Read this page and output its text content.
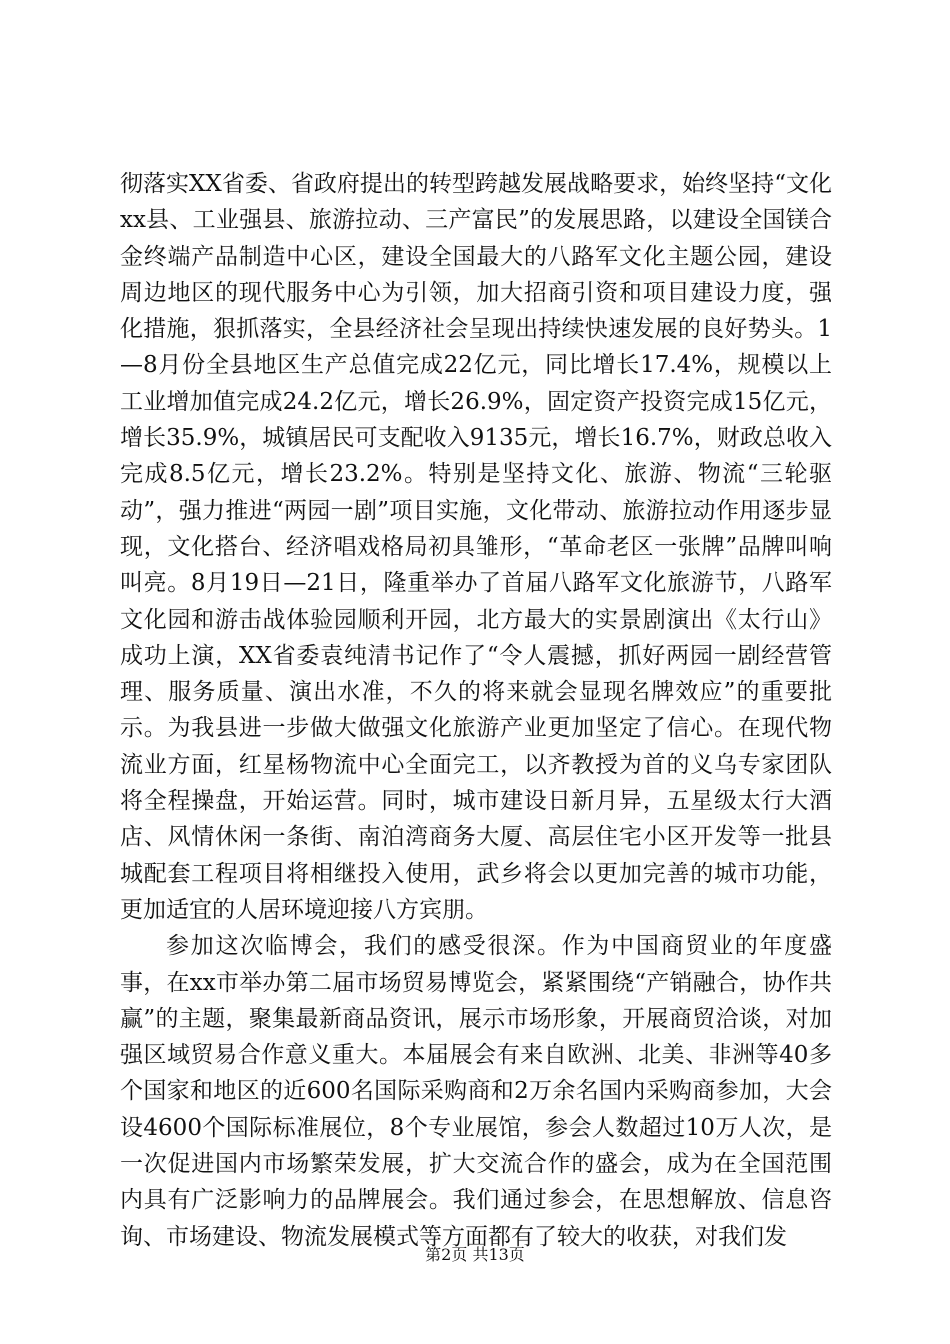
彻落实XX省委、省政府提出的转型跨越发展战略要求，始终坚持“文化xx县、工业强县、旅游拉动、三产富民”的发展思路，以建设全国镁合金终端产品制造中心区，建设全国最大的八路军文化主题公园，建设周边地区的现代服务中心为引领，加大招商引资和项目建设力度，强化措施，狠抓落实，全县经济社会呈现出持续快速发展的良好势头。1—8月份全县地区生产总值完成22亿元，同比增长17.4%，规模以上工业增加值完成24.2亿元，增长26.9%，固定资产投资完成15亿元，增长35.9%，城镇居民可支配收入9135元，增长16.7%，财政总收入完成8.5亿元，增长23.2%。特别是坚持文化、旅游、物流“三轮驱动”，强力推进“两园一剧”项目实施，文化带动、旅游拉动作用逐步显现，文化搭台、经济唱戏格局初具雏形，“革命老区一张牌”品牌叫响叫亮。8月19日—21日，隆重举办了首届八路军文化旅游节，八路军文化园和游击战体验园顺利开园，北方最大的实景剧演出《太行山》成功上演，XX省委袁纯清书记作了“令人震撼，抓好两园一剧经营管理、服务质量、演出水准，不久的将来就会显现名牌效应”的重要批示。为我县进一步做大做强文化旅游产业更加坚定了信心。在现代物流业方面，红星杨物流中心全面完工，以齐教授为首的义乌专家团队将全程操盘，开始运营。同时，城市建设日新月异，五星级太行大酒店、风情休闲一条街、南泊湾商务大厦、高层住宅小区开发等一批县城配套工程项目将相继投入使用，武乡将会以更加完善的城市功能，更加适宜的人居环境迎接八方宾朋。

参加这次临博会，我们的感受很深。作为中国商贸业的年度盛事，在xx市举办第二届市场贸易博览会，紧紧围绕“产销融合，协作共赢”的主题，聚集最新商品资讯，展示市场形象，开展商贸洽谈，对加强区域贸易合作意义重大。本届展会有来自欧洲、北美、非洲等40多个国家和地区的近600名国际采购商和2万余名国内采购商参加，大会设4600个国际标准展位，8个专业展馆，参会人数超过10万人次，是一次促进国内市场繁荣发展，扩大交流合作的盛会，成为在全国范围内具有广泛影响力的品牌展会。我们通过参会，在思想解放、信息咨询、市场建设、物流发展模式等方面都有了较大的收获，对我们发

第2页 共13页
